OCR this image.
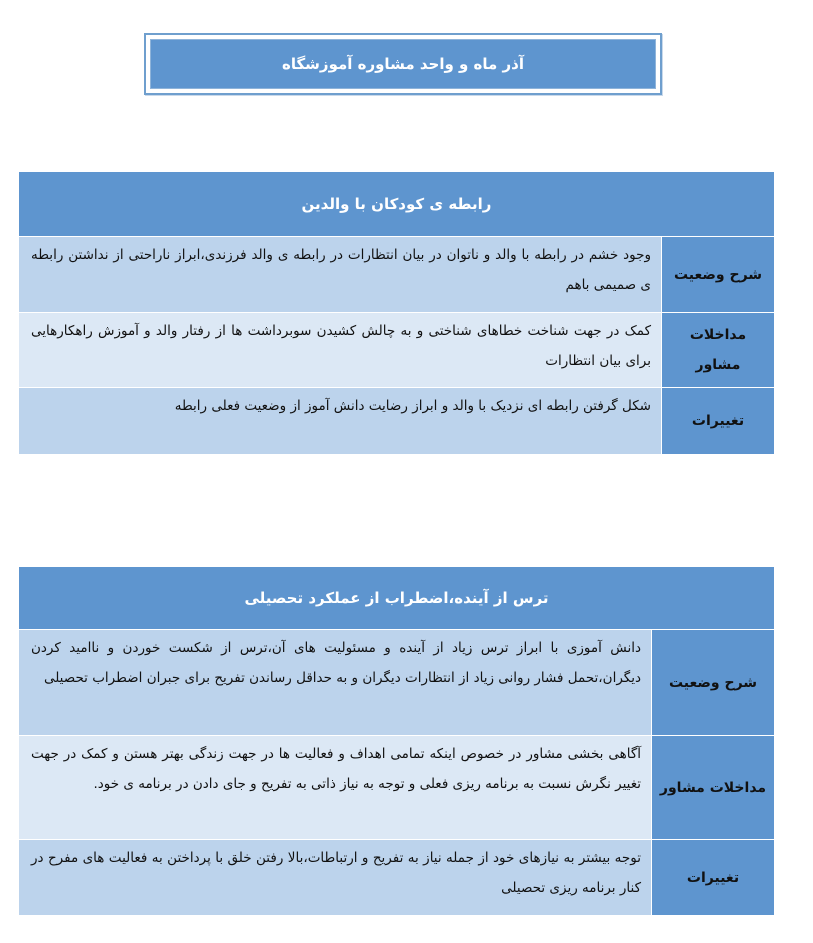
آذر ماه و واحد مشاوره آموزشگاه
رابطه ی کودکان با والدین
شرح وضعیت
وجود خشم در رابطه با والد و ناتوان در بیان انتظارات در رابطه ی والد فرزندی،ابراز ناراحتی از نداشتن رابطه ی صمیمی باهم
مداخلات مشاور
کمک در جهت شناخت خطاهای شناختی و به چالش کشیدن سوبرداشت ها از رفتار والد و آموزش راهکارهایی برای بیان انتظارات
تغییرات
شکل گرفتن رابطه ای نزدیک با والد و ابراز رضایت دانش آموز از وضعیت فعلی رابطه
ترس از آینده،اضطراب از عملکرد تحصیلی
شرح وضعیت
دانش آموزی با ابراز ترس زیاد از آینده و مسئولیت های آن،ترس از شکست خوردن و ناامید کردن دیگران،تحمل فشار روانی زیاد از انتظارات دیگران و به حداقل رساندن تفریح برای جبران اضطراب تحصیلی
مداخلات مشاور
آگاهی بخشی مشاور در خصوص اینکه تمامی اهداف و فعالیت ها در جهت زندگی بهتر هستن و کمک در جهت تغییر نگرش نسبت به برنامه ریزی فعلی و توجه به نیاز ذاتی به تفریح و جای دادن در برنامه ی خود.
تغییرات
توجه بیشتر به نیازهای خود از جمله نیاز به تفریح و ارتباطات،بالا رفتن خلق با پرداختن به فعالیت های مفرح در کنار برنامه ریزی تحصیلی
